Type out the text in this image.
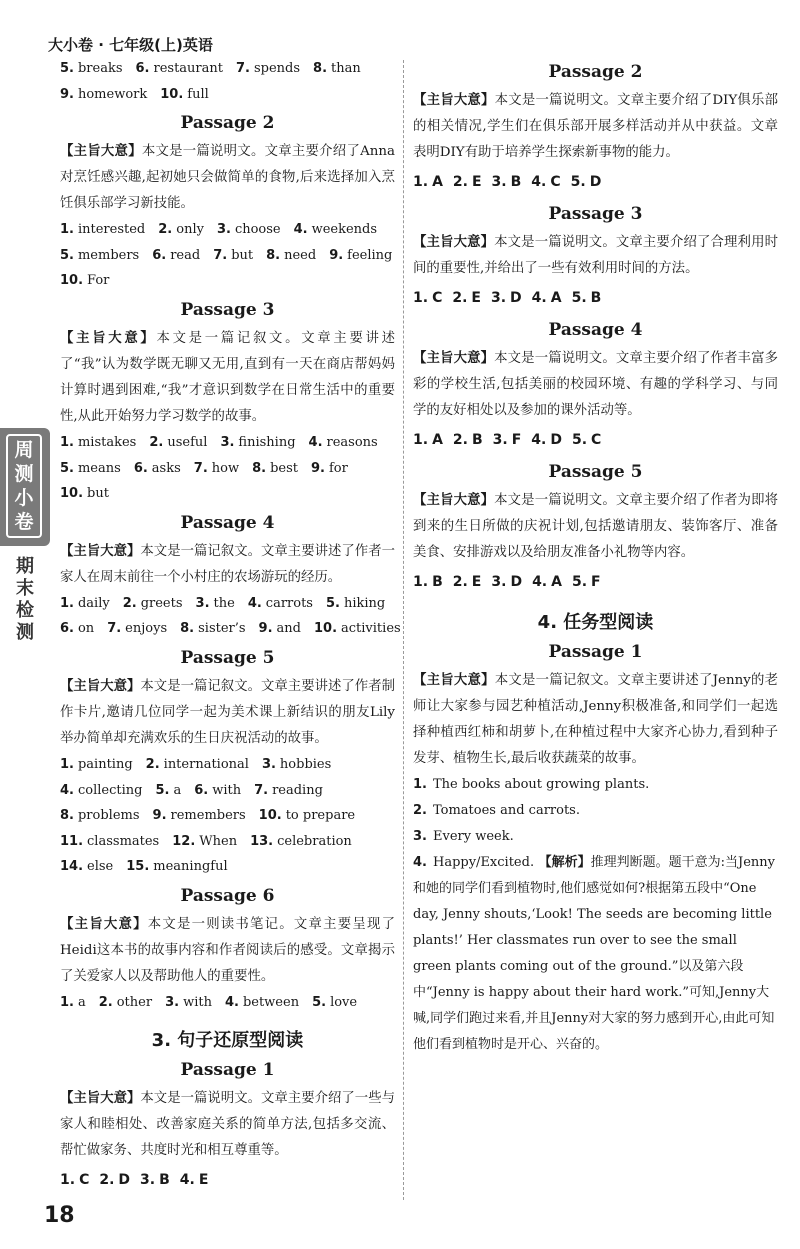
大小卷 · 七年级(上)英语
周测小卷
期末检测
5. breaks 6. restaurant 7. spends 8. than
9. homework 10. full
Passage 2

【主旨大意】本文是一篇说明文。文章主要介绍了Anna对烹饪感兴趣,起初她只会做简单的食物,后来选择加入烹饪俱乐部学习新技能。

1. interested 2. only 3. choose 4. weekends
5. members 6. read 7. but 8. need 9. feeling
10. For
Passage 3

【主旨大意】本文是一篇记叙文。文章主要讲述了“我”认为数学既无聊又无用,直到有一天在商店帮妈妈计算时遇到困难,“我”才意识到数学在日常生活中的重要性,从此开始努力学习数学的故事。

1. mistakes 2. useful 3. finishing 4. reasons
5. means 6. asks 7. how 8. best 9. for
10. but
Passage 4

【主旨大意】本文是一篇记叙文。文章主要讲述了作者一家人在周末前往一个小村庄的农场游玩的经历。

1. daily 2. greets 3. the 4. carrots 5. hiking
6. on 7. enjoys 8. sister’s 9. and 10. activities
Passage 5

【主旨大意】本文是一篇记叙文。文章主要讲述了作者制作卡片,邀请几位同学一起为美术课上新结识的朋友Lily举办简单却充满欢乐的生日庆祝活动的故事。

1. painting 2. international 3. hobbies
4. collecting 5. a 6. with 7. reading
8. problems 9. remembers 10. to prepare
11. classmates 12. When 13. celebration
14. else 15. meaningful
Passage 6

【主旨大意】本文是一则读书笔记。文章主要呈现了Heidi这本书的故事内容和作者阅读后的感受。文章揭示了关爱家人以及帮助他人的重要性。

1. a 2. other 3. with 4. between 5. love
3. 句子还原型阅读
Passage 1

【主旨大意】本文是一篇说明文。文章主要介绍了一些与家人和睦相处、改善家庭关系的简单方法,包括多交流、帮忙做家务、共度时光和相互尊重等。

1. C 2. D 3. B 4. E
Passage 2

【主旨大意】本文是一篇说明文。文章主要介绍了DIY俱乐部的相关情况,学生们在俱乐部开展多样活动并从中获益。文章表明DIY有助于培养学生探索新事物的能力。

1. A 2. E 3. B 4. C 5. D
Passage 3

【主旨大意】本文是一篇说明文。文章主要介绍了合理利用时间的重要性,并给出了一些有效利用时间的方法。

1. C 2. E 3. D 4. A 5. B
Passage 4

【主旨大意】本文是一篇说明文。文章主要介绍了作者丰富多彩的学校生活,包括美丽的校园环境、有趣的学科学习、与同学的友好相处以及参加的课外活动等。

1. A 2. B 3. F 4. D 5. C
Passage 5

【主旨大意】本文是一篇说明文。文章主要介绍了作者为即将到来的生日所做的庆祝计划,包括邀请朋友、装饰客厅、准备美食、安排游戏以及给朋友准备小礼物等内容。

1. B 2. E 3. D 4. A 5. F
4. 任务型阅读
Passage 1

【主旨大意】本文是一篇记叙文。文章主要讲述了Jenny的老师让大家参与园艺种植活动,Jenny积极准备,和同学们一起选择种植西红柿和胡萝卜,在种植过程中大家齐心协力,看到种子发芽、植物生长,最后收获蔬菜的故事。

1. The books about growing plants.
2. Tomatoes and carrots.
3. Every week.
4. Happy/Excited. 【解析】推理判断题。题干意为:当Jenny和她的同学们看到植物时,他们感觉如何?根据第五段中“One day, Jenny shouts,‘Look! The seeds are becoming little plants!’ Her classmates run over to see the small green plants coming out of the ground.”以及第六段中“Jenny is happy about their hard work.”可知,Jenny大喊,同学们跑过来看,并且Jenny对大家的努力感到开心,由此可知他们看到植物时是开心、兴奋的。
18
